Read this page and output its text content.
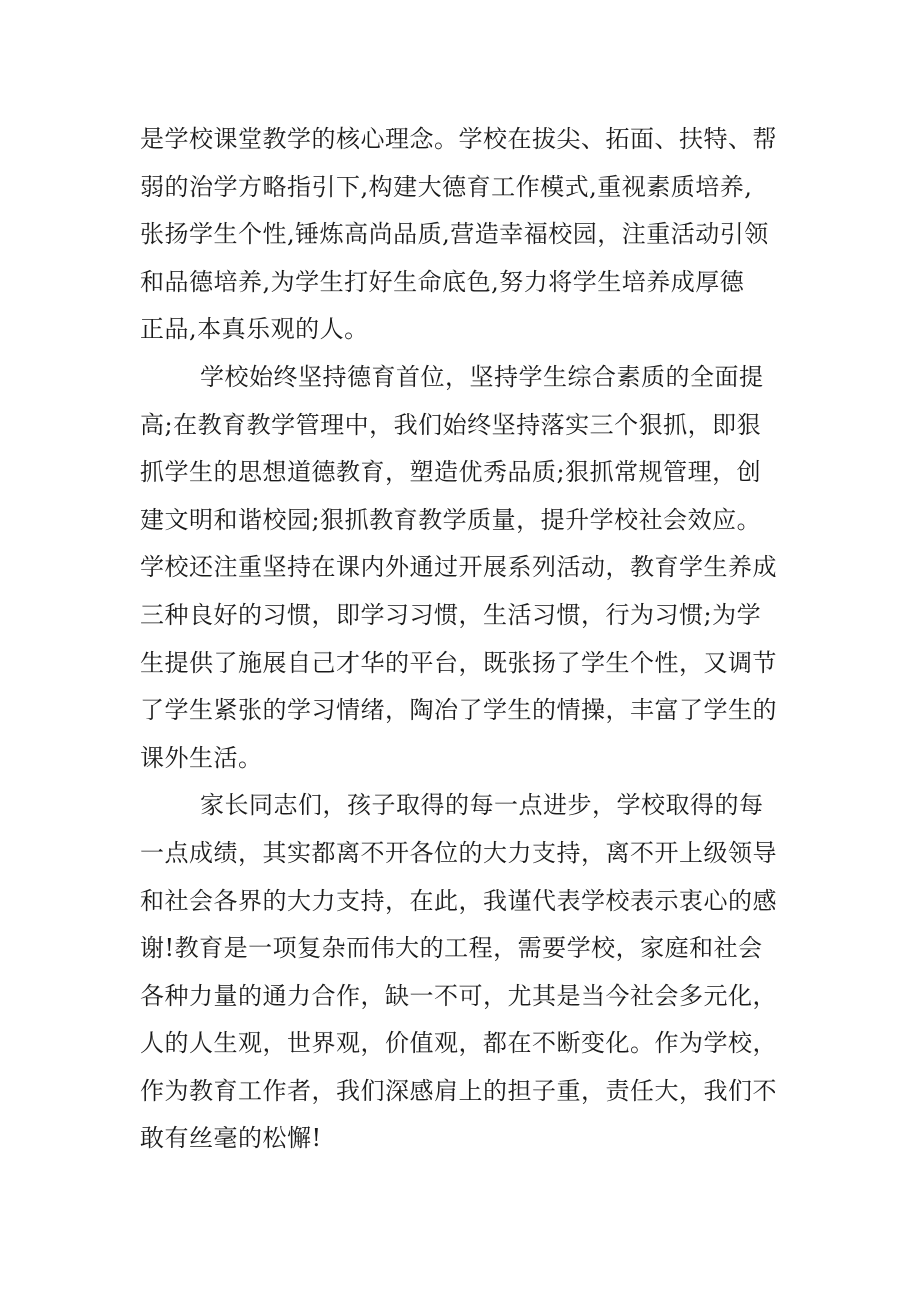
是学校课堂教学的核心理念。学校在拔尖、拓面、扶特、帮
弱的治学方略指引下,构建大德育工作模式,重视素质培养,
张扬学生个性,锤炼高尚品质,营造幸福校园，注重活动引领
和品德培养,为学生打好生命底色,努力将学生培养成厚德
正品,本真乐观的人。
学校始终坚持德育首位，坚持学生综合素质的全面提
高;在教育教学管理中，我们始终坚持落实三个狠抓，即狠
抓学生的思想道德教育，塑造优秀品质;狠抓常规管理，创
建文明和谐校园;狠抓教育教学质量，提升学校社会效应。
学校还注重坚持在课内外通过开展系列活动，教育学生养成
三种良好的习惯，即学习习惯，生活习惯，行为习惯;为学
生提供了施展自己才华的平台，既张扬了学生个性，又调节
了学生紧张的学习情绪，陶冶了学生的情操，丰富了学生的
课外生活。
家长同志们，孩子取得的每一点进步，学校取得的每
一点成绩，其实都离不开各位的大力支持，离不开上级领导
和社会各界的大力支持，在此，我谨代表学校表示衷心的感
谢!教育是一项复杂而伟大的工程，需要学校，家庭和社会
各种力量的通力合作，缺一不可，尤其是当今社会多元化，
人的人生观，世界观，价值观，都在不断变化。作为学校，
作为教育工作者，我们深感肩上的担子重，责任大，我们不
敢有丝毫的松懈!
